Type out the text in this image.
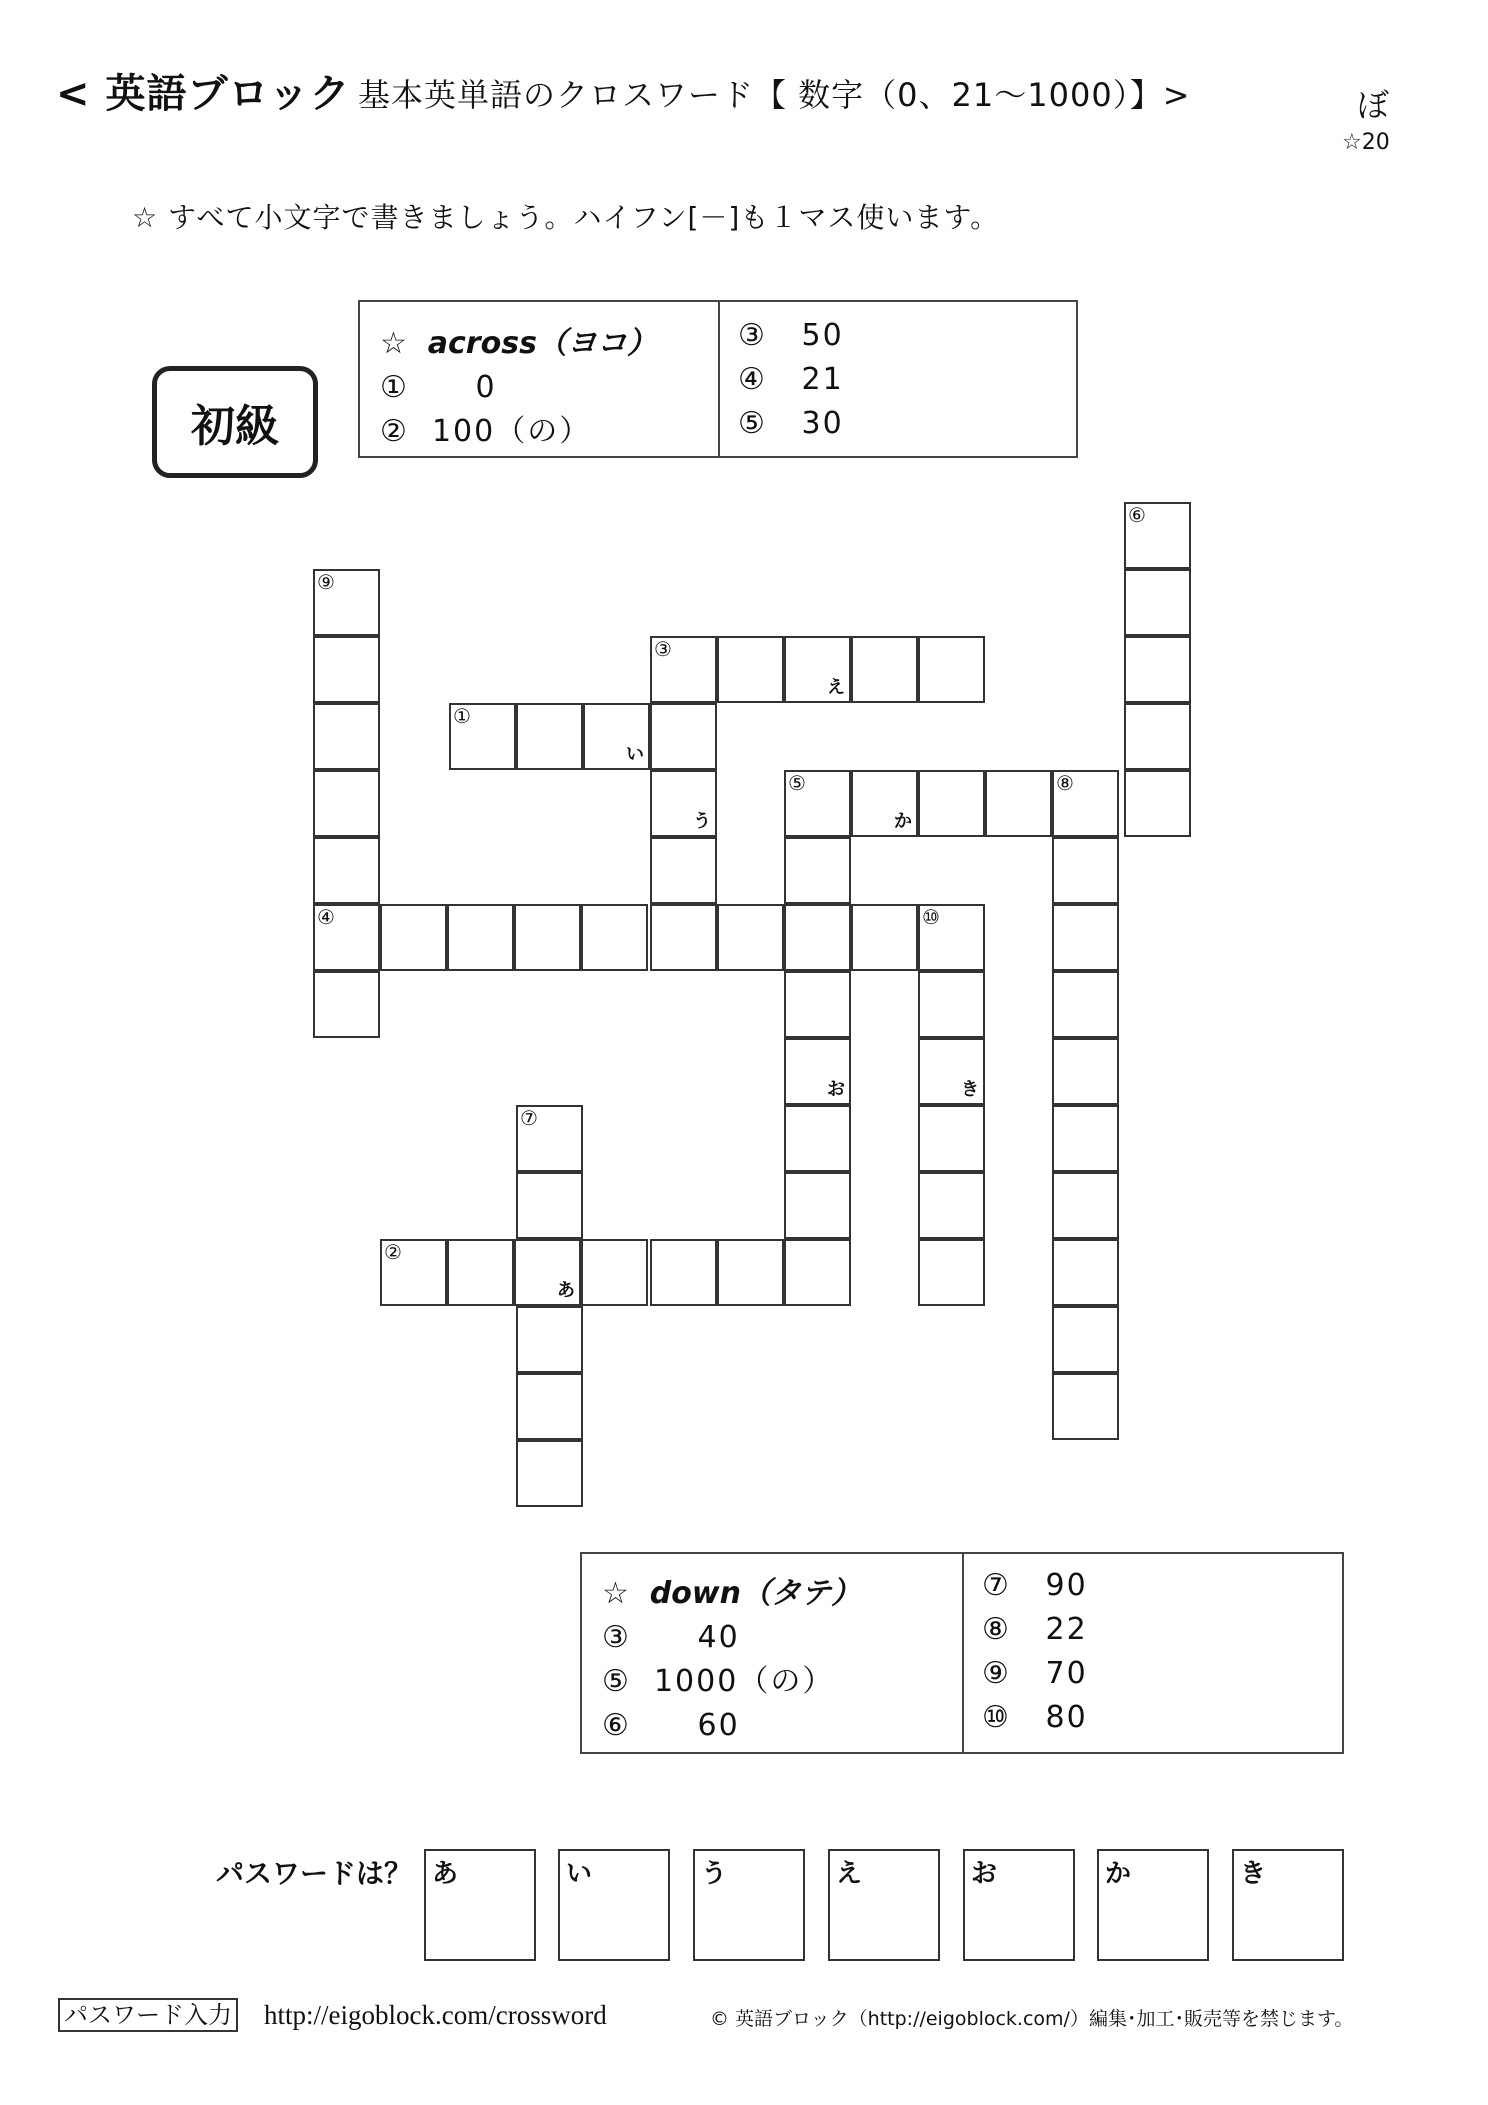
< 英語ブロック 基本英単語のクロスワード【 数字（0、21～1000）】>	ぼ
☆20
☆ すべて小文字で書きましょう。ハイフン[－]も１マス使います。
初級
☆  across（ヨコ）
①   　0
②  100（の）
③   50
④   21
⑤   30
⑥
⑨
④
③
え
①
い
う
⑤
か
⑧
お
⑩
き
⑦
②
あ
☆  down（タテ）
③   　40
⑤  1000（の）
⑥   　60
⑦   90
⑧   22
⑨   70
⑩   80
パスワードは？ あ	い	う	え	お	か	き
パスワード入力 http://eigoblock.com/crossword	© 英語ブロック（http://eigoblock.com/）編集･加工･販売等を禁じます。
